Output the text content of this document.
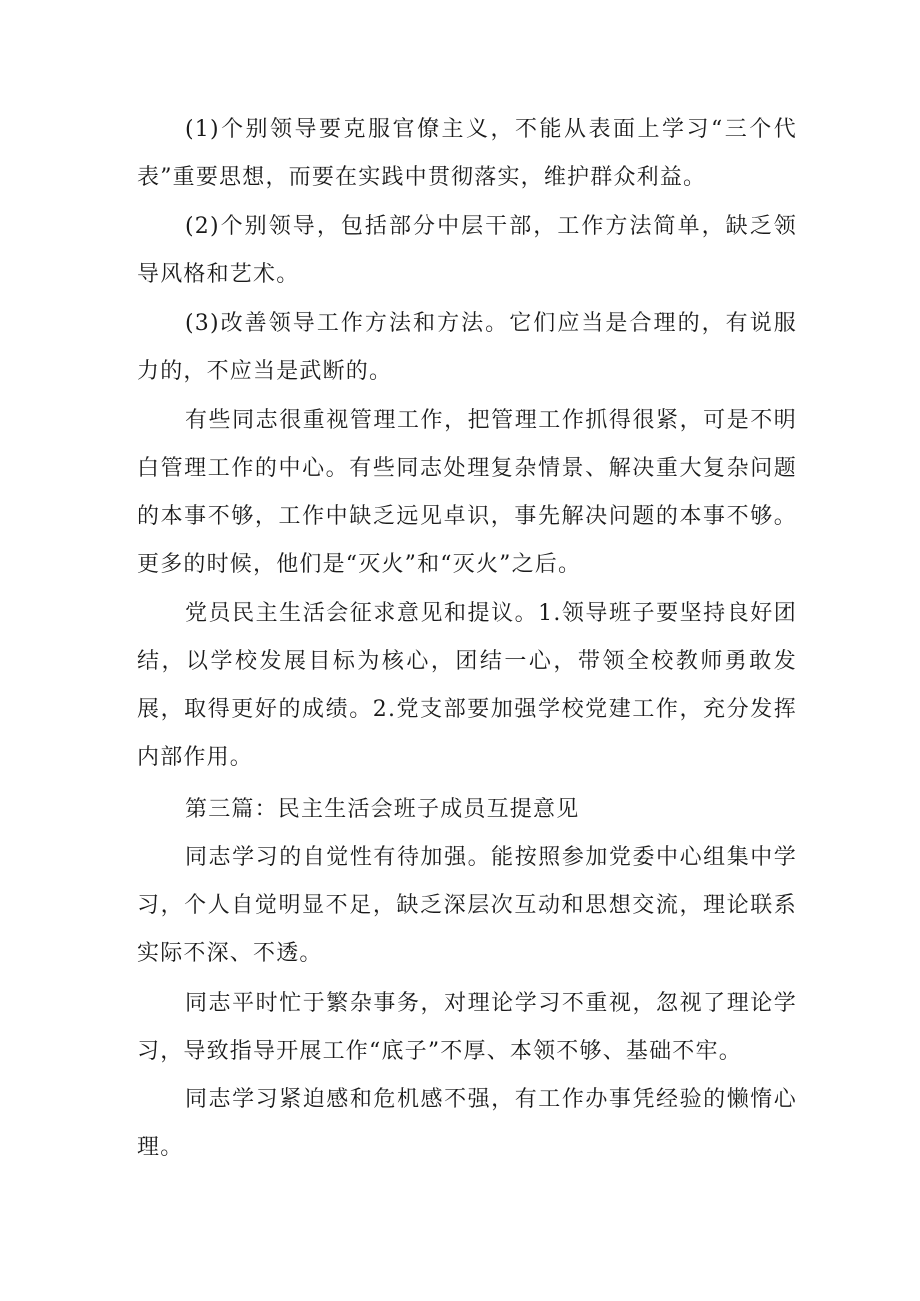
(1)个别领导要克服官僚主义，不能从表面上学习“三个代表”重要思想，而要在实践中贯彻落实，维护群众利益。

(2)个别领导，包括部分中层干部，工作方法简单，缺乏领导风格和艺术。

(3)改善领导工作方法和方法。它们应当是合理的，有说服力的，不应当是武断的。

有些同志很重视管理工作，把管理工作抓得很紧，可是不明白管理工作的中心。有些同志处理复杂情景、解决重大复杂问题的本事不够，工作中缺乏远见卓识，事先解决问题的本事不够。更多的时候，他们是“灭火”和“灭火”之后。

党员民主生活会征求意见和提议。1.领导班子要坚持良好团结，以学校发展目标为核心，团结一心，带领全校教师勇敢发展，取得更好的成绩。2.党支部要加强学校党建工作，充分发挥内部作用。

第三篇：民主生活会班子成员互提意见

同志学习的自觉性有待加强。能按照参加党委中心组集中学习，个人自觉明显不足，缺乏深层次互动和思想交流，理论联系实际不深、不透。

同志平时忙于繁杂事务，对理论学习不重视，忽视了理论学习，导致指导开展工作“底子”不厚、本领不够、基础不牢。

同志学习紧迫感和危机感不强，有工作办事凭经验的懒惰心理。
